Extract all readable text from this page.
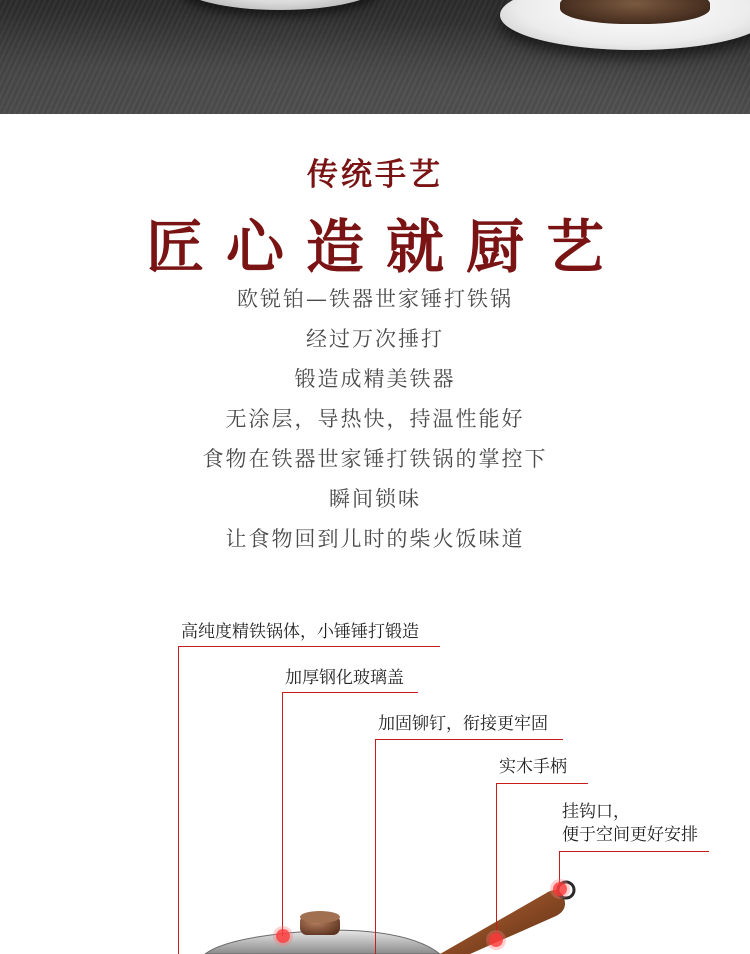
传统手艺
匠心造就厨艺
欧锐铂—铁器世家锤打铁锅
经过万次捶打
锻造成精美铁器
无涂层，导热快，持温性能好
食物在铁器世家锤打铁锅的掌控下
瞬间锁味
让食物回到儿时的柴火饭味道
高纯度精铁锅体，小锤锤打锻造
加厚钢化玻璃盖
加固铆钉，衔接更牢固
实木手柄
挂钩口，
便于空间更好安排
